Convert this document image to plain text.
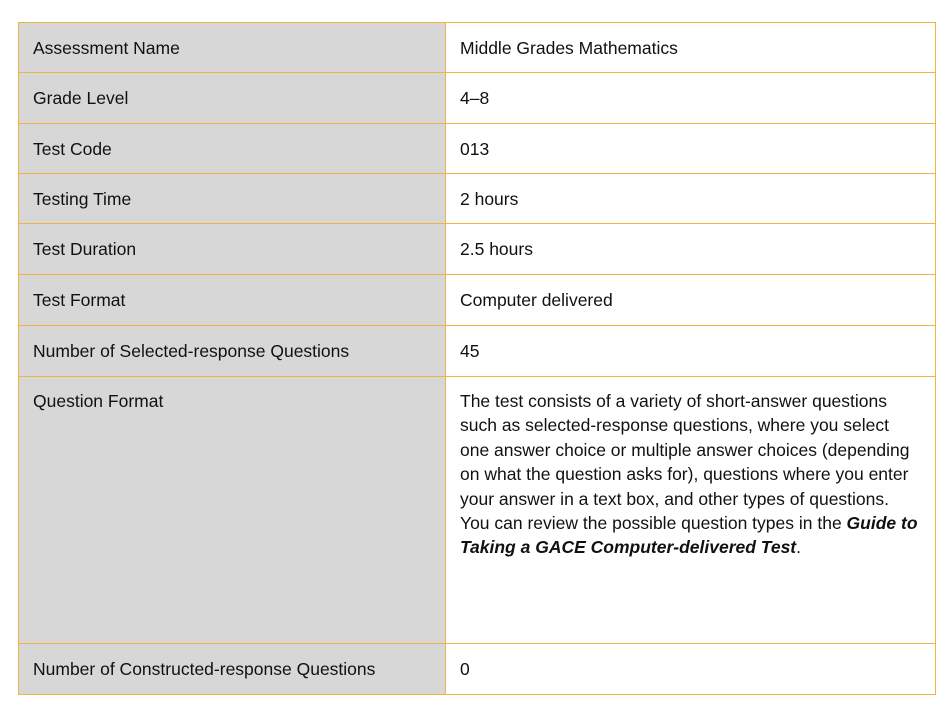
Assessment Name	Middle Grades Mathematics
Grade Level	4–8
Test Code	013
Testing Time	2 hours
Test Duration	2.5 hours
Test Format	Computer delivered
Number of Selected-response Questions	45
Question Format	The test consists of a variety of short-answer questions such as selected-response questions, where you select one answer choice or multiple answer choices (depending on what the question asks for), questions where you enter your answer in a text box, and other types of questions. You can review the possible question types in the Guide to Taking a GACE Computer-delivered Test.
Number of Constructed-response Questions	0
